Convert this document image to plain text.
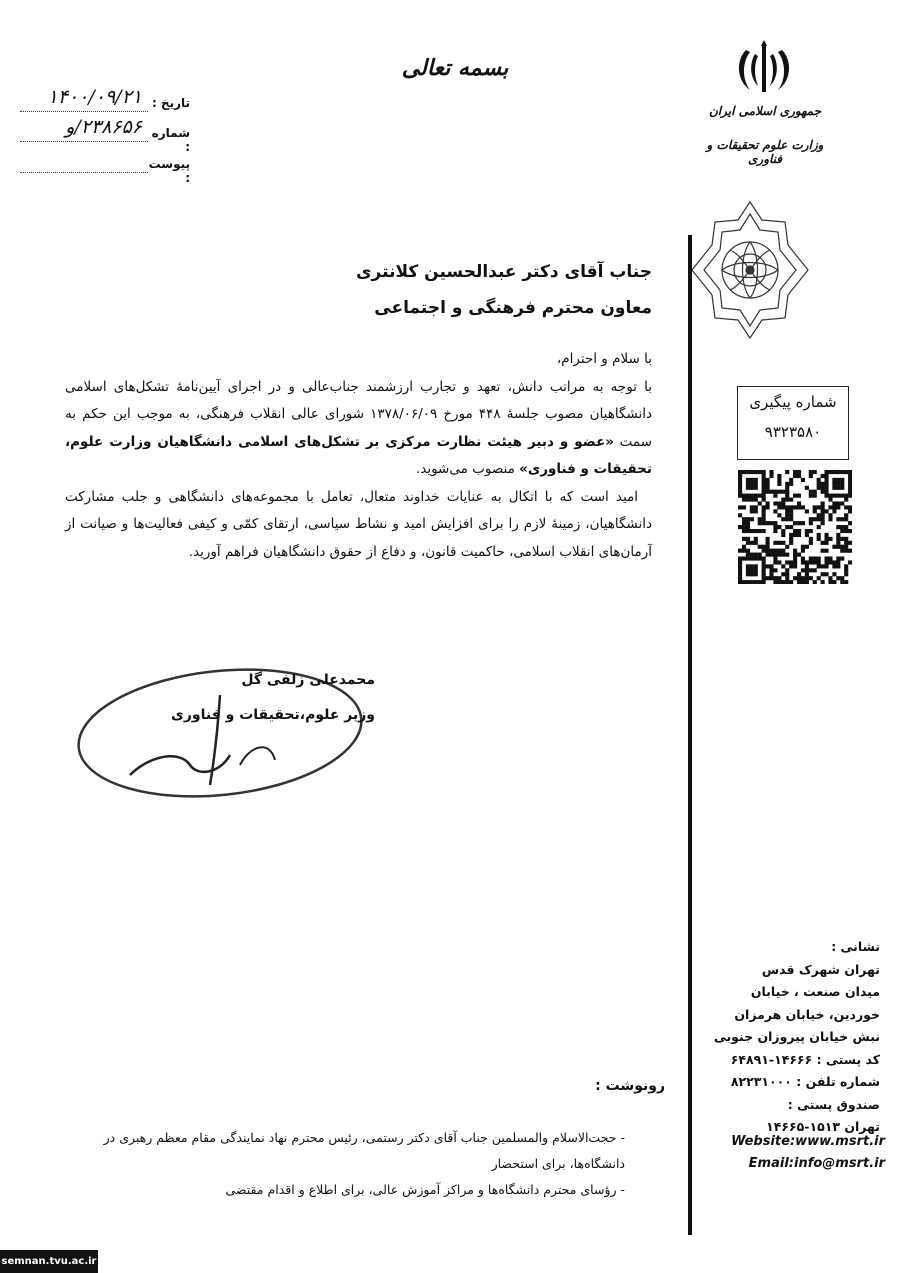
بسمه تعالی
تاریخ :
۱۴۰۰/۰۹/۲۱
شماره :
۲۳۸۶۵۶/و
پیوست :
جمهوری اسلامی ایران
وزارت علوم تحقیقات و فناوری
جناب آقای دکتر عبدالحسین کلانتری
معاون محترم فرهنگی و اجتماعی

با سلام و احترام،

با توجه به مراتب دانش، تعهد و تجارب ارزشمند جناب‌عالی و در اجرای آیین‌نامهٔ تشکل‌های اسلامی دانشگاهیان مصوب جلسهٔ ۴۴۸ مورخ ۱۳۷۸/۰۶/۰۹ شورای عالی انقلاب فرهنگی، به موجب این حکم به سمت «عضو و دبیر هیئت نظارت مرکزی بر تشکل‌های اسلامی دانشگاهیان وزارت علوم، تحقیقات و فناوری» منصوب می‌شوید.

امید است که با اتکال به عنایات خداوند متعال، تعامل با مجموعه‌های دانشگاهی و جلب مشارکت دانشگاهیان، زمینهٔ لازم را برای افزایش امید و نشاط سیاسی، ارتقای کمّی و کیفی فعالیت‌ها و صیانت از آرمان‌های انقلاب اسلامی، حاکمیت قانون، و دفاع از حقوق دانشگاهیان فراهم آورید.

شماره پیگیری
۹۳۲۳۵۸۰
محمدعلی زلفی گل
وزیر علوم،تحقیقات و فناوری
نشانی :
تهران شهرک قدس
میدان صنعت ، خیابان
خوردین، خیابان هرمزان
نبش خیابان پیروزان جنوبی
کد پستی : ۱۴۶۶۶-۶۴۸۹۱
شماره تلفن : ۸۲۲۳۱۰۰۰
صندوق پستی :
تهران ۱۵۱۳-۱۴۶۶۵
Website:www.msrt.ir
Email:info@msrt.ir
رونوشت :

- حجت‌الاسلام والمسلمین جناب آقای دکتر رستمی، رئیس محترم نهاد نمایندگی مقام معظم رهبری در دانشگاه‌ها، برای استحضار

- رؤسای محترم دانشگاه‌ها و مراکز آموزش عالی، برای اطلاع و اقدام مقتضی

semnan.tvu.ac.ir
